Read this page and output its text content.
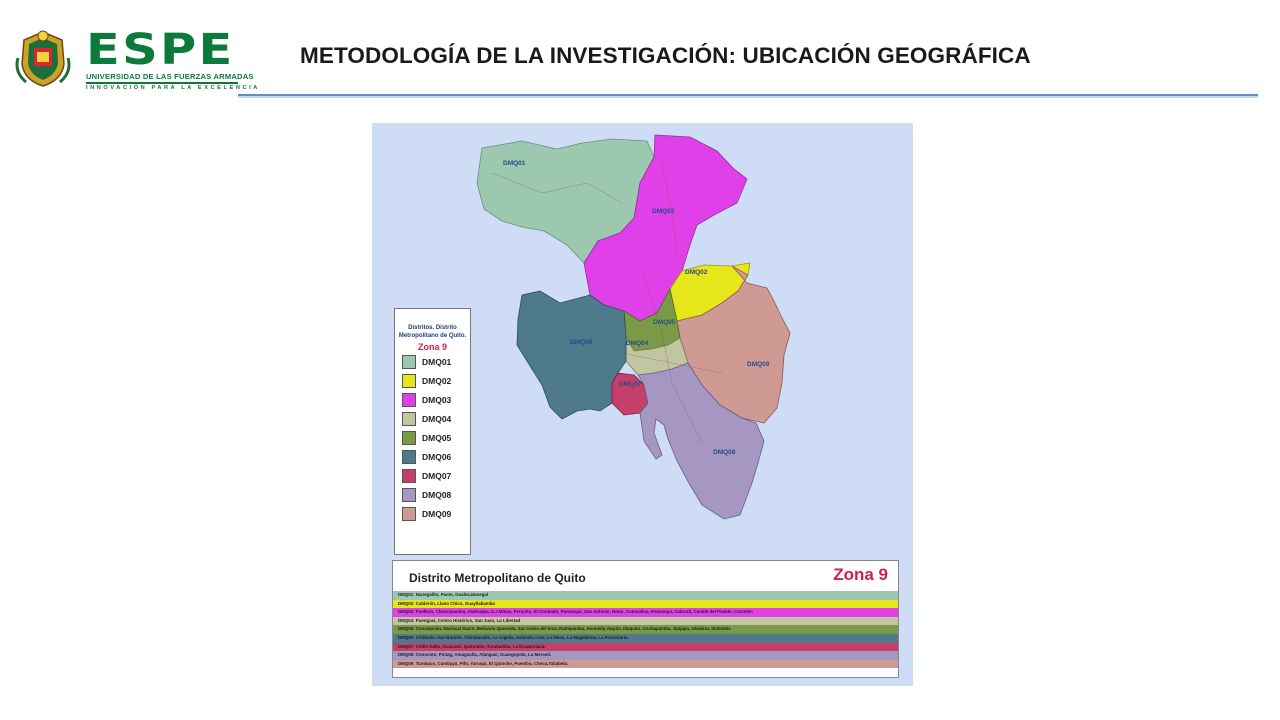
ESPE
UNIVERSIDAD DE LAS FUERZAS ARMADAS
INNOVACIÓN PARA LA EXCELENCIA
METODOLOGÍA DE LA INVESTIGACIÓN: UBICACIÓN GEOGRÁFICA
DMQ01
DMQ03
DMQ02
DMQ05
DMQ06	DMQ04
DMQ09
DMQ07
DMQ08
Distritos. Distrito Metropolitano de Quito.
Zona 9
DMQ01
DMQ02
DMQ03
DMQ04
DMQ05
DMQ06
DMQ07
DMQ08
DMQ09
Distrito Metropolitano de Quito	Zona 9
DMQ01: Nanegalito, Pacto, Gualea,Nanegal
DMQ02: Calderón, Llano Chico, Guayllabamba
DMQ03: Puellaro, Chavezpamba, Atahualpa, S.J.Minas, Perucho, El Condado, Pomasqui, San Antonio, Nono, Cotocollao, Pomasqui, Calacalí, Comité del Pueblo, Carcelén
DMQ04: Puengasí, Centro Histórico, San Juan, La Libertad
DMQ05: Concepción, Mariscal Sucre, Belisario Quevedo, San Isidro del Inca, Rumipamba, Kennedy, Nayón, Iñaquito, Cochapamba, Jipijapa, Zámbiza, Itchimbía
DMQ06: Chilibulo, San Bartolo, Chimbacalle, La Argelia, Solanda, Lloa, La Mena, La Magdalena, La Ferroviaria.
DMQ07: Chillo Gallo, Guamaní, Quitumbe, Turubamba, La Ecuatoriana.
DMQ08: Conocoto, Pintag, Amaguaña, Alangasí, Guangopolo, La Merced.
DMQ09: Tumbaco, Cumbayá, Pifo, Yaruquí, El Quinche, Puembo, Checa,Tababela.
